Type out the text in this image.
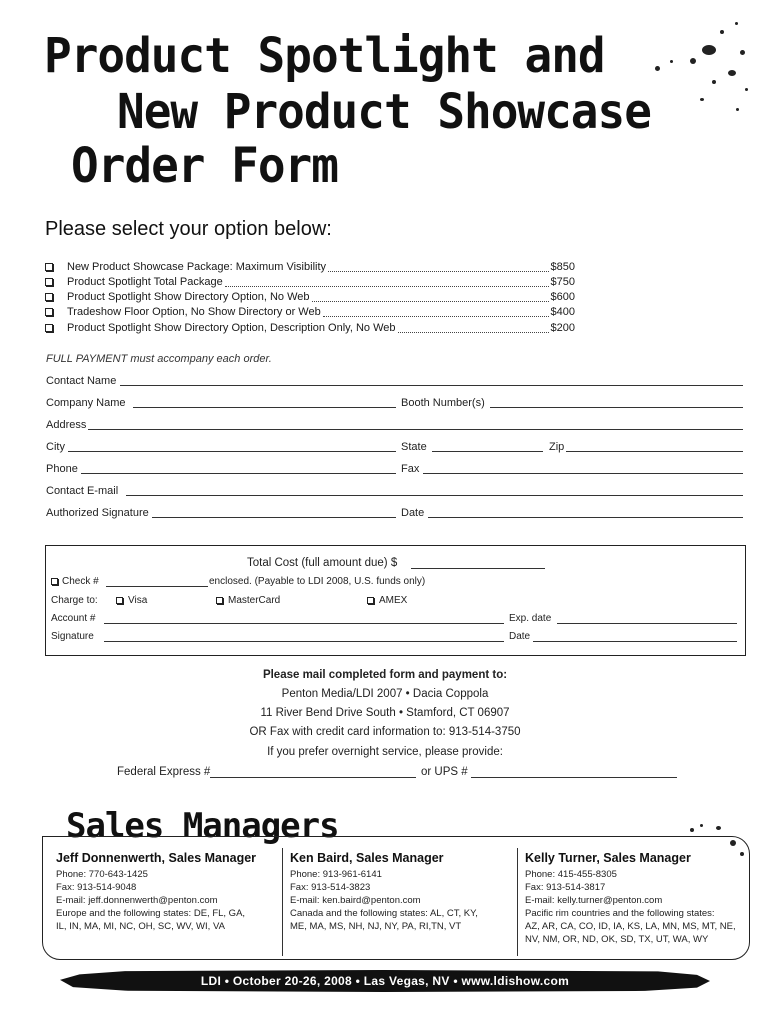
Product Spotlight and
New Product Showcase
Order Form
Please select your option below:
New Product Showcase Package: Maximum Visibility	$850
Product Spotlight Total Package	$750
Product Spotlight Show Directory Option, No Web	$600
Tradeshow Floor Option, No Show Directory or Web	$400
Product Spotlight Show Directory Option, Description Only, No Web	$200
FULL PAYMENT must accompany each order.
Contact Name
Company Name	Booth Number(s)
Address
City	State	Zip
Phone	Fax
Contact E-mail
Authorized Signature	Date
Total Cost (full amount due) $
Check #	enclosed. (Payable to LDI 2008, U.S. funds only)
Charge to:	Visa	MasterCard	AMEX
Account #	Exp. date
Signature	Date
Please mail completed form and payment to:
Penton Media/LDI 2007 • Dacia Coppola
11 River Bend Drive South • Stamford, CT 06907
OR Fax with credit card information to: 913-514-3750
If you prefer overnight service, please provide:
Federal Express #	or UPS #
Sales Managers
Jeff Donnenwerth, Sales Manager
Phone: 770-643-1425
Fax: 913-514-9048
E-mail: jeff.donnenwerth@penton.com
Europe and the following states: DE, FL, GA,
IL, IN, MA, MI, NC, OH, SC, WV, WI, VA
Ken Baird, Sales Manager
Phone: 913-961-6141
Fax: 913-514-3823
E-mail: ken.baird@penton.com
Canada and the following states: AL, CT, KY,
ME, MA, MS, NH, NJ, NY, PA, RI,TN, VT
Kelly Turner, Sales Manager
Phone: 415-455-8305
Fax: 913-514-3817
E-mail: kelly.turner@penton.com
Pacific rim countries and the following states:
AZ, AR, CA, CO, ID, IA, KS, LA, MN, MS, MT, NE,
NV, NM, OR, ND, OK, SD, TX, UT, WA, WY
LDI • October 20-26, 2008 • Las Vegas, NV • www.ldishow.com
